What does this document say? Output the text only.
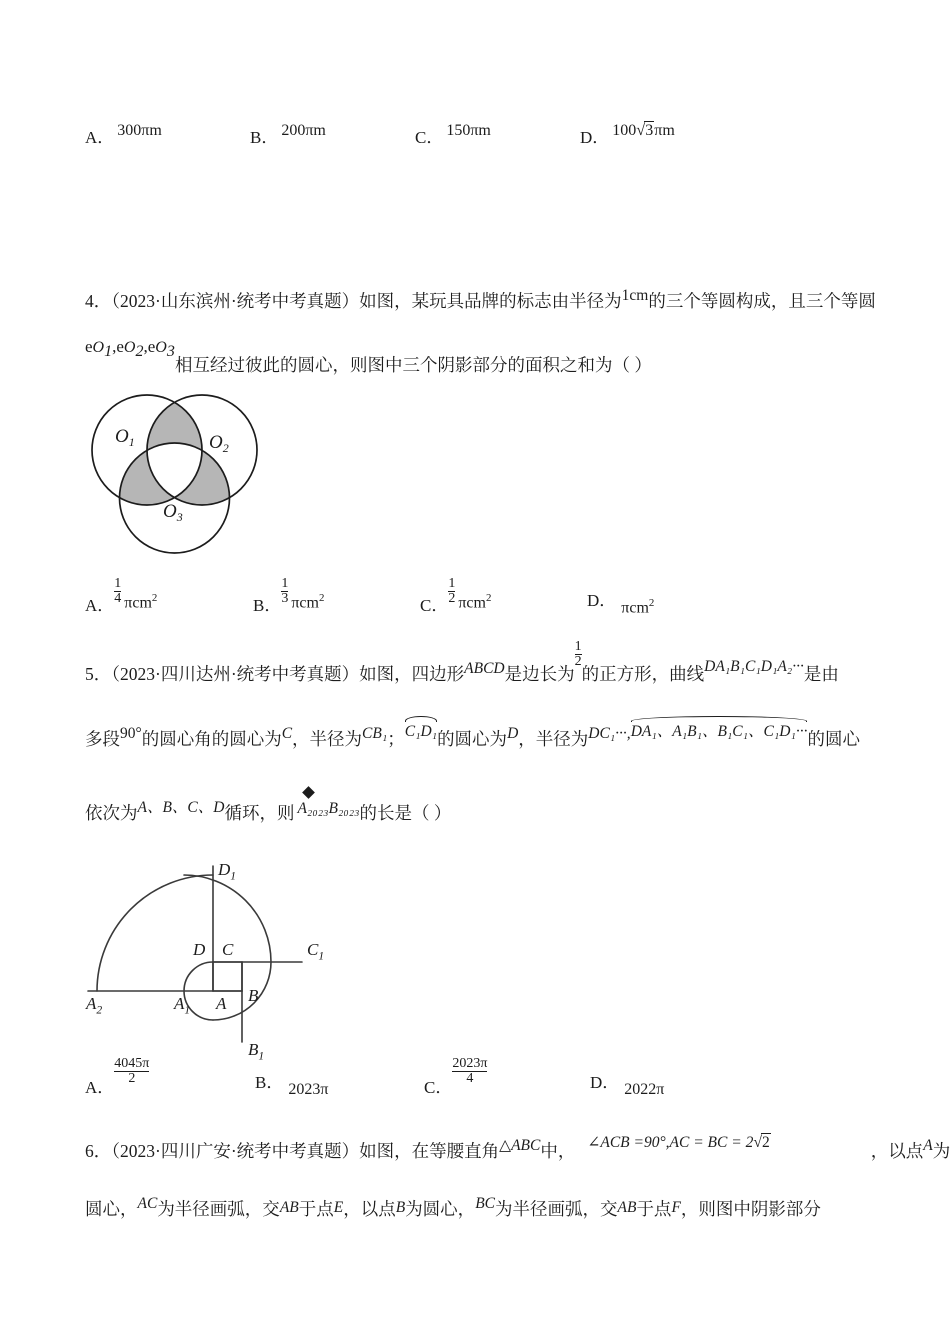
A． 300πm	B． 200πm	C． 150πm	D． 100√3πm
4．（2023·山东滨州·统考中考真题）如图，某玩具品牌的标志由半径为1cm的三个等圆构成，且三个等圆
$eO_1,eO_2,eO_3$
相互经过彼此的圆心，则图中三个阴影部分的面积之和为（ ）
$O_1$	$O_2$
$O_3$
A． $\frac{1}{4} \pi cm^2$	B． $\frac{1}{3} \pi cm^2$	C． $\frac{1}{2} \pi cm^2$	D． πcm$^2$
5．（2023·四川达州·统考中考真题）如图，四边形ABCD是边长为
$\frac{1}{2}$
的正方形，曲线DA₁B₁C₁D₁A₂···是由
多段90°的圆心角的圆心为C，半径为CB₁；C₁D₁的圆心为D，半径为DC₁···,DA₁、A₁B₁、B₁C₁、C₁D₁···的圆心
依次为A、B、C、D循环，则 A₂₀₂₃B₂₀₂₃的长是（ ）
$D_1$
D C	$C_1$
$A_2$	$A_1$ A B
$B_1$
A．
$\frac{4045\pi}{2}$	B． 2023π	C．
$\frac{2023\pi}{4}$	D． 2022π
6．（2023·四川广安·统考中考真题）如图，在等腰直角△ABC中， ∠ACB =90°,AC = BC = 2√2	，以点A为
圆心，AC为半径画弧，交AB于点E，以点B为圆心，BC为半径画弧，交AB于点F，则图中阴影部分
